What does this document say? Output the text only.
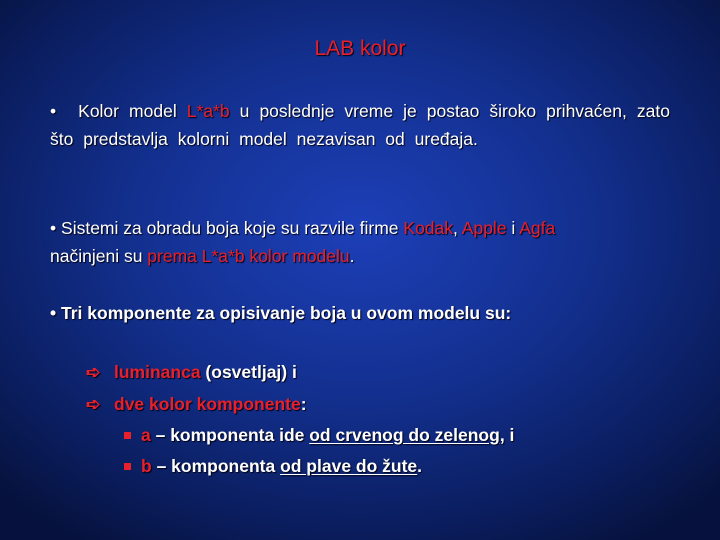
LAB kolor
• Kolor model L*a*b u poslednje vreme je postao široko prihvaćen, zato što predstavlja kolorni model nezavisan od uređaja.
• Sistemi za obradu boja koje su razvile firme Kodak, Apple i Agfa
načinjeni su prema L*a*b kolor modelu.
• Tri komponente za opisivanje boja u ovom modelu su:
➪ luminanca (osvetljaj) i
➪ dve kolor komponente:
a – komponenta ide od crvenog do zelenog, i
b – komponenta od plave do žute.
